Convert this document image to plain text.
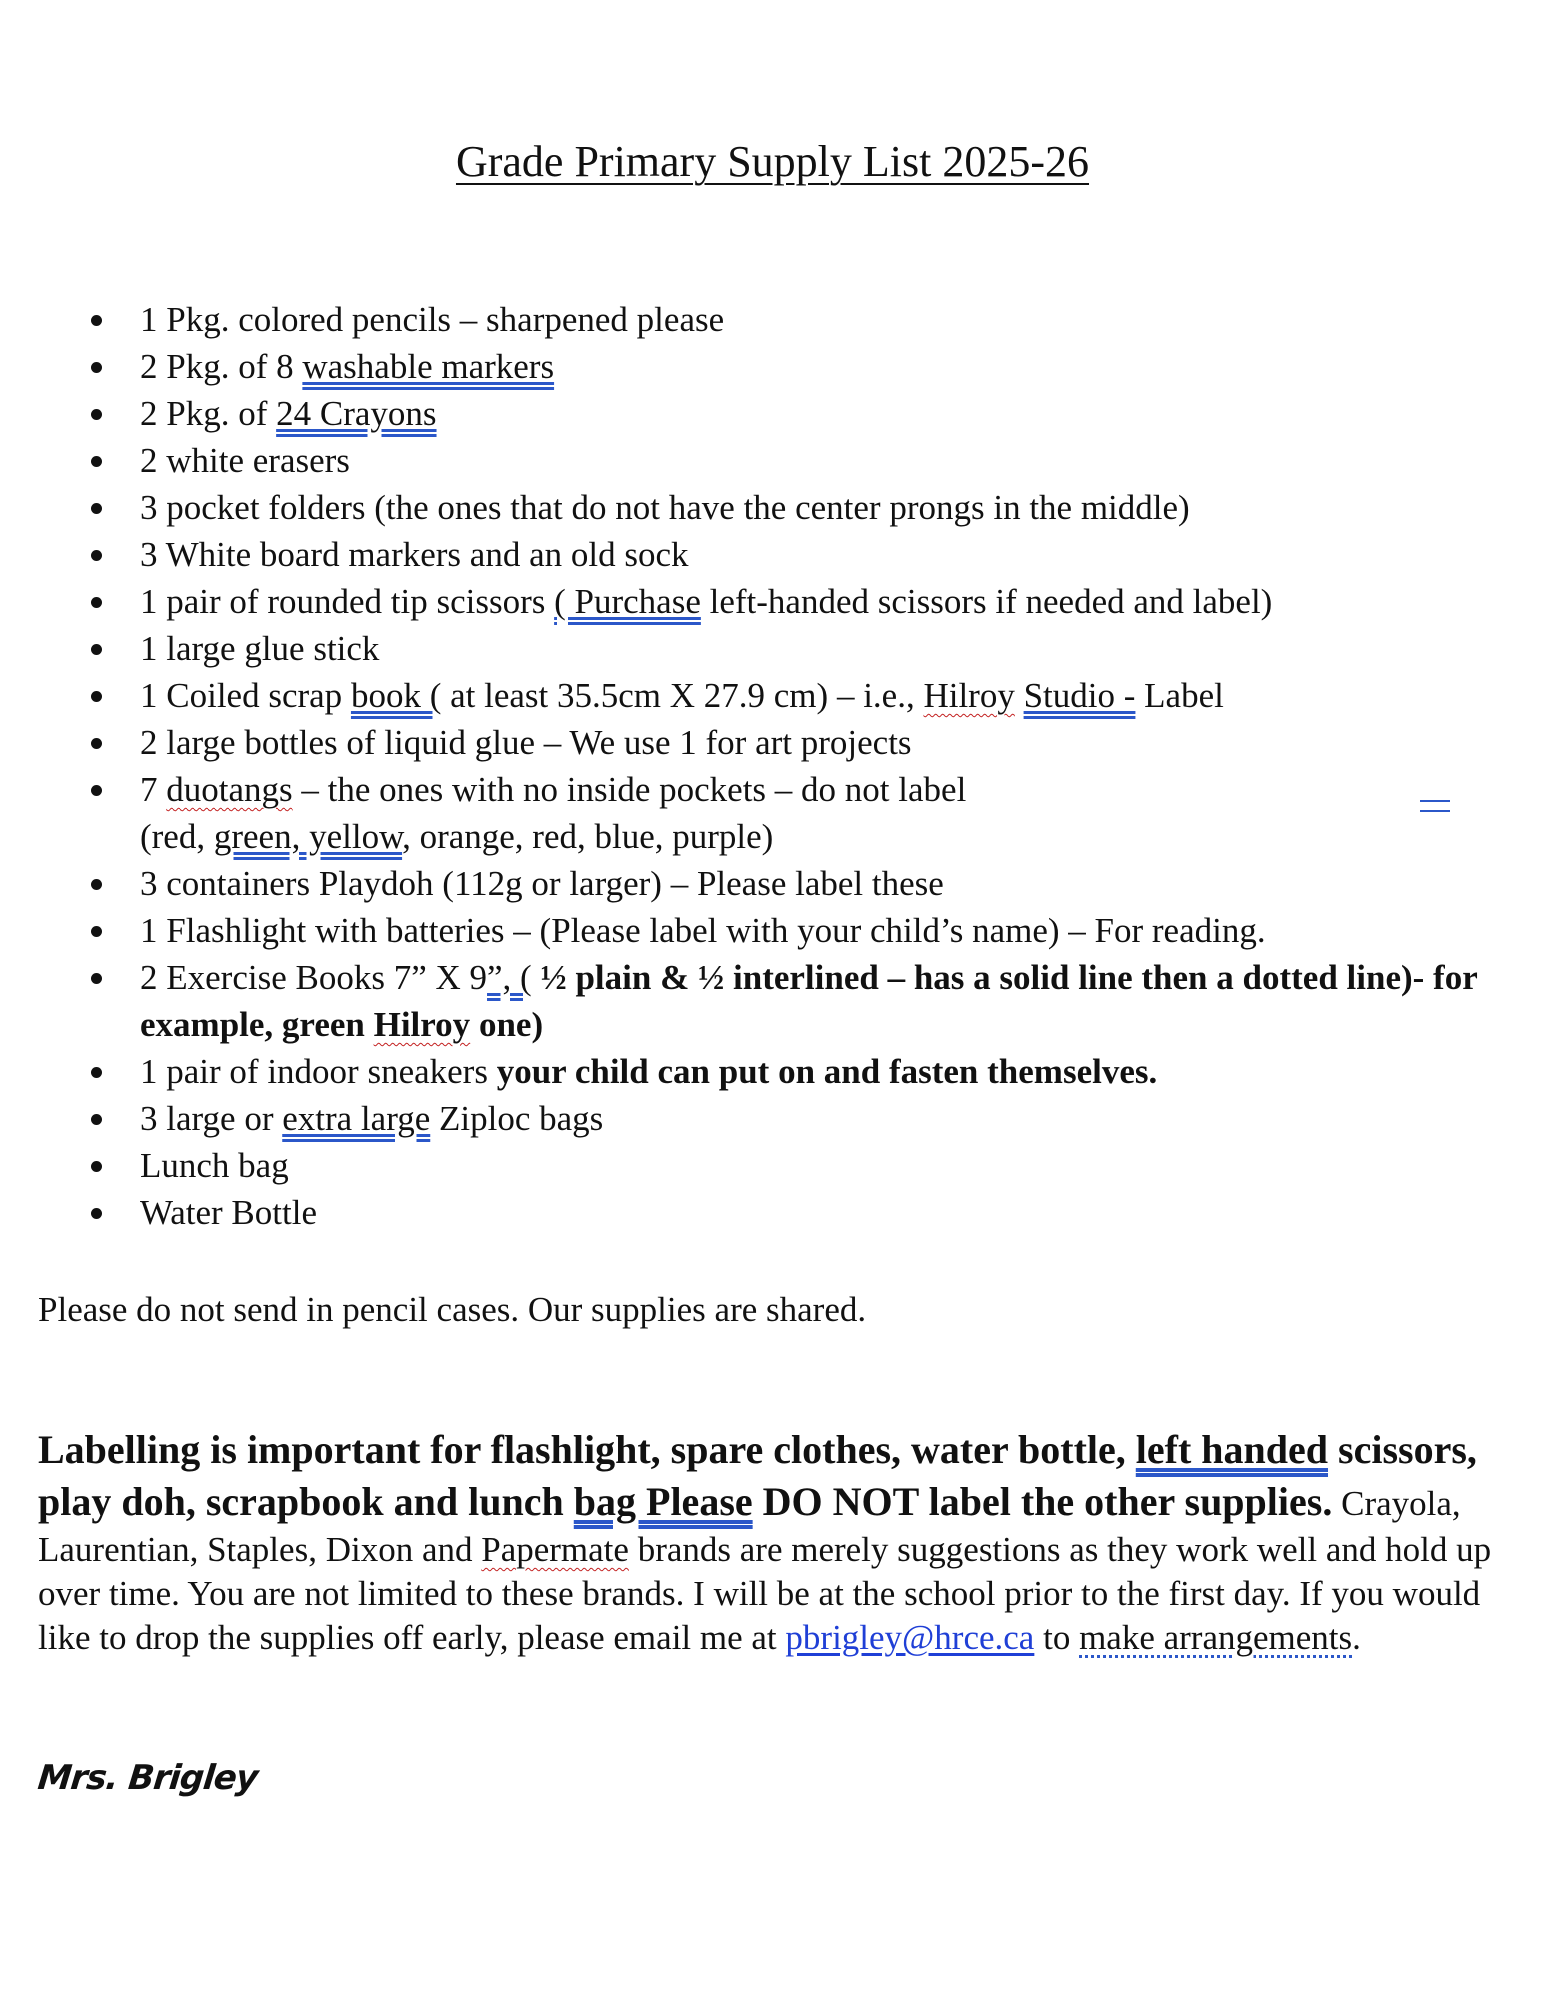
Grade Primary Supply List 2025-26
1 Pkg. colored pencils – sharpened please
2 Pkg. of 8 washable markers
2 Pkg. of 24 Crayons
2 white erasers
3 pocket folders (the ones that do not have the center prongs in the middle)
3 White board markers and an old sock
1 pair of rounded tip scissors ( Purchase left-handed scissors if needed and label)
1 large glue stick
1 Coiled scrap book ( at least 35.5cm X 27.9 cm) – i.e., Hilroy Studio - Label
2 large bottles of liquid glue – We use 1 for art projects
7 duotangs – the ones with no inside pockets – do not label
(red, green, yellow, orange, red, blue, purple)
3 containers Playdoh (112g or larger) – Please label these
1 Flashlight with batteries – (Please label with your child’s name) – For reading.
2 Exercise Books 7” X 9”, ( ½ plain & ½ interlined – has a solid line then a dotted line)- for example, green Hilroy one)
1 pair of indoor sneakers your child can put on and fasten themselves.
3 large or extra large Ziploc bags
Lunch bag
Water Bottle
Please do not send in pencil cases. Our supplies are shared.
Labelling is important for flashlight, spare clothes, water bottle, left handed scissors, play doh, scrapbook and lunch bag Please DO NOT label the other supplies. Crayola, Laurentian, Staples, Dixon and Papermate brands are merely suggestions as they work well and hold up over time. You are not limited to these brands. I will be at the school prior to the first day. If you would like to drop the supplies off early, please email me at pbrigley@hrce.ca to make arrangements.
Mrs. Brigley
